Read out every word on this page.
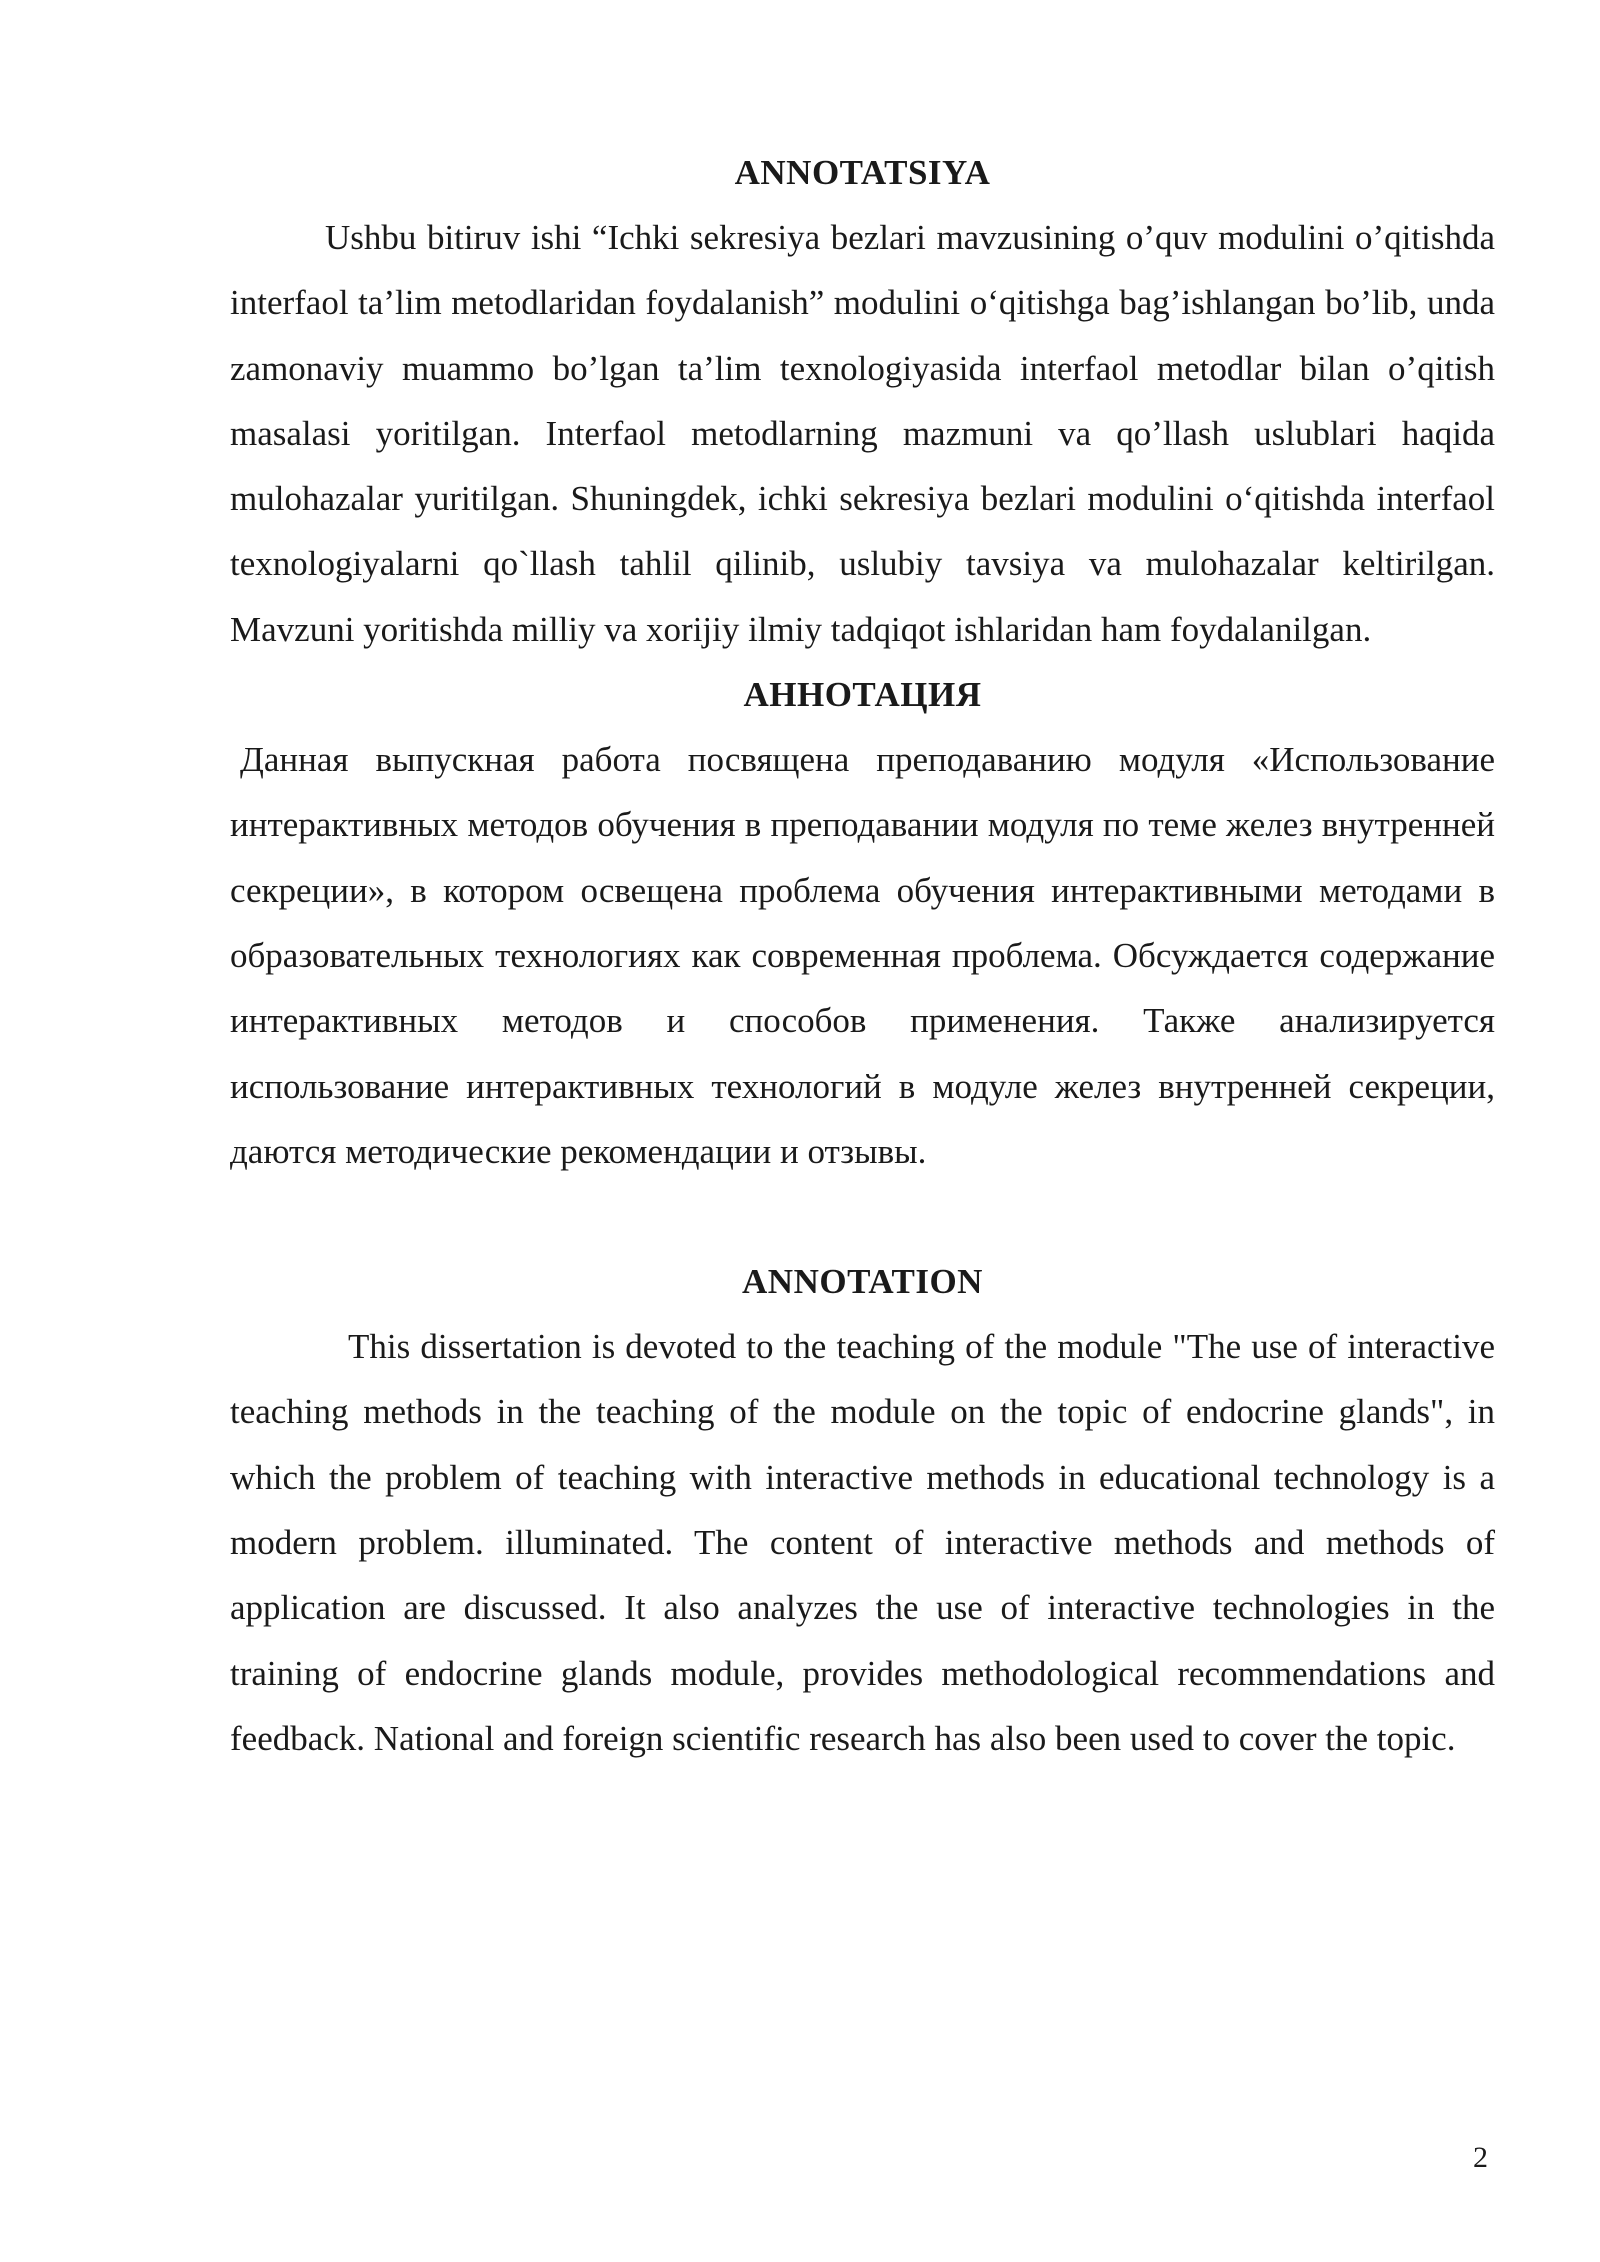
ANNOTATSIYA

Ushbu bitiruv ishi “Ichki sekresiya bezlari mavzusining o’quv modulini o’qitishda interfaol ta’lim metodlaridan foydalanish” modulini o‘qitishga bag’ishlangan bo’lib, unda zamonaviy muammo bo’lgan ta’lim texnologiyasida interfaol metodlar bilan o’qitish masalasi yoritilgan. Interfaol metodlarning mazmuni va qo’llash uslublari haqida mulohazalar yuritilgan. Shuningdek, ichki sekresiya bezlari modulini o‘qitishda interfaol texnologiyalarni qo`llash tahlil qilinib, uslubiy tavsiya va mulohazalar keltirilgan. Mavzuni yoritishda milliy va xorijiy ilmiy tadqiqot ishlaridan ham foydalanilgan.

АННОТАЦИЯ

Данная выпускная работа посвящена преподаванию модуля «Использование интерактивных методов обучения в преподавании модуля по теме желез внутренней секреции», в котором освещена проблема обучения интерактивными методами в образовательных технологиях как современная проблема. Обсуждается содержание интерактивных методов и способов применения. Также анализируется использование интерактивных технологий в модуле желез внутренней секреции, даются методические рекомендации и отзывы.

ANNOTATION

This dissertation is devoted to the teaching of the module "The use of interactive teaching methods in the teaching of the module on the topic of endocrine glands", in which the problem of teaching with interactive methods in educational technology is a modern problem. illuminated. The content of interactive methods and methods of application are discussed. It also analyzes the use of interactive technologies in the training of endocrine glands module, provides methodological recommendations and feedback. National and foreign scientific research has also been used to cover the topic.

2
